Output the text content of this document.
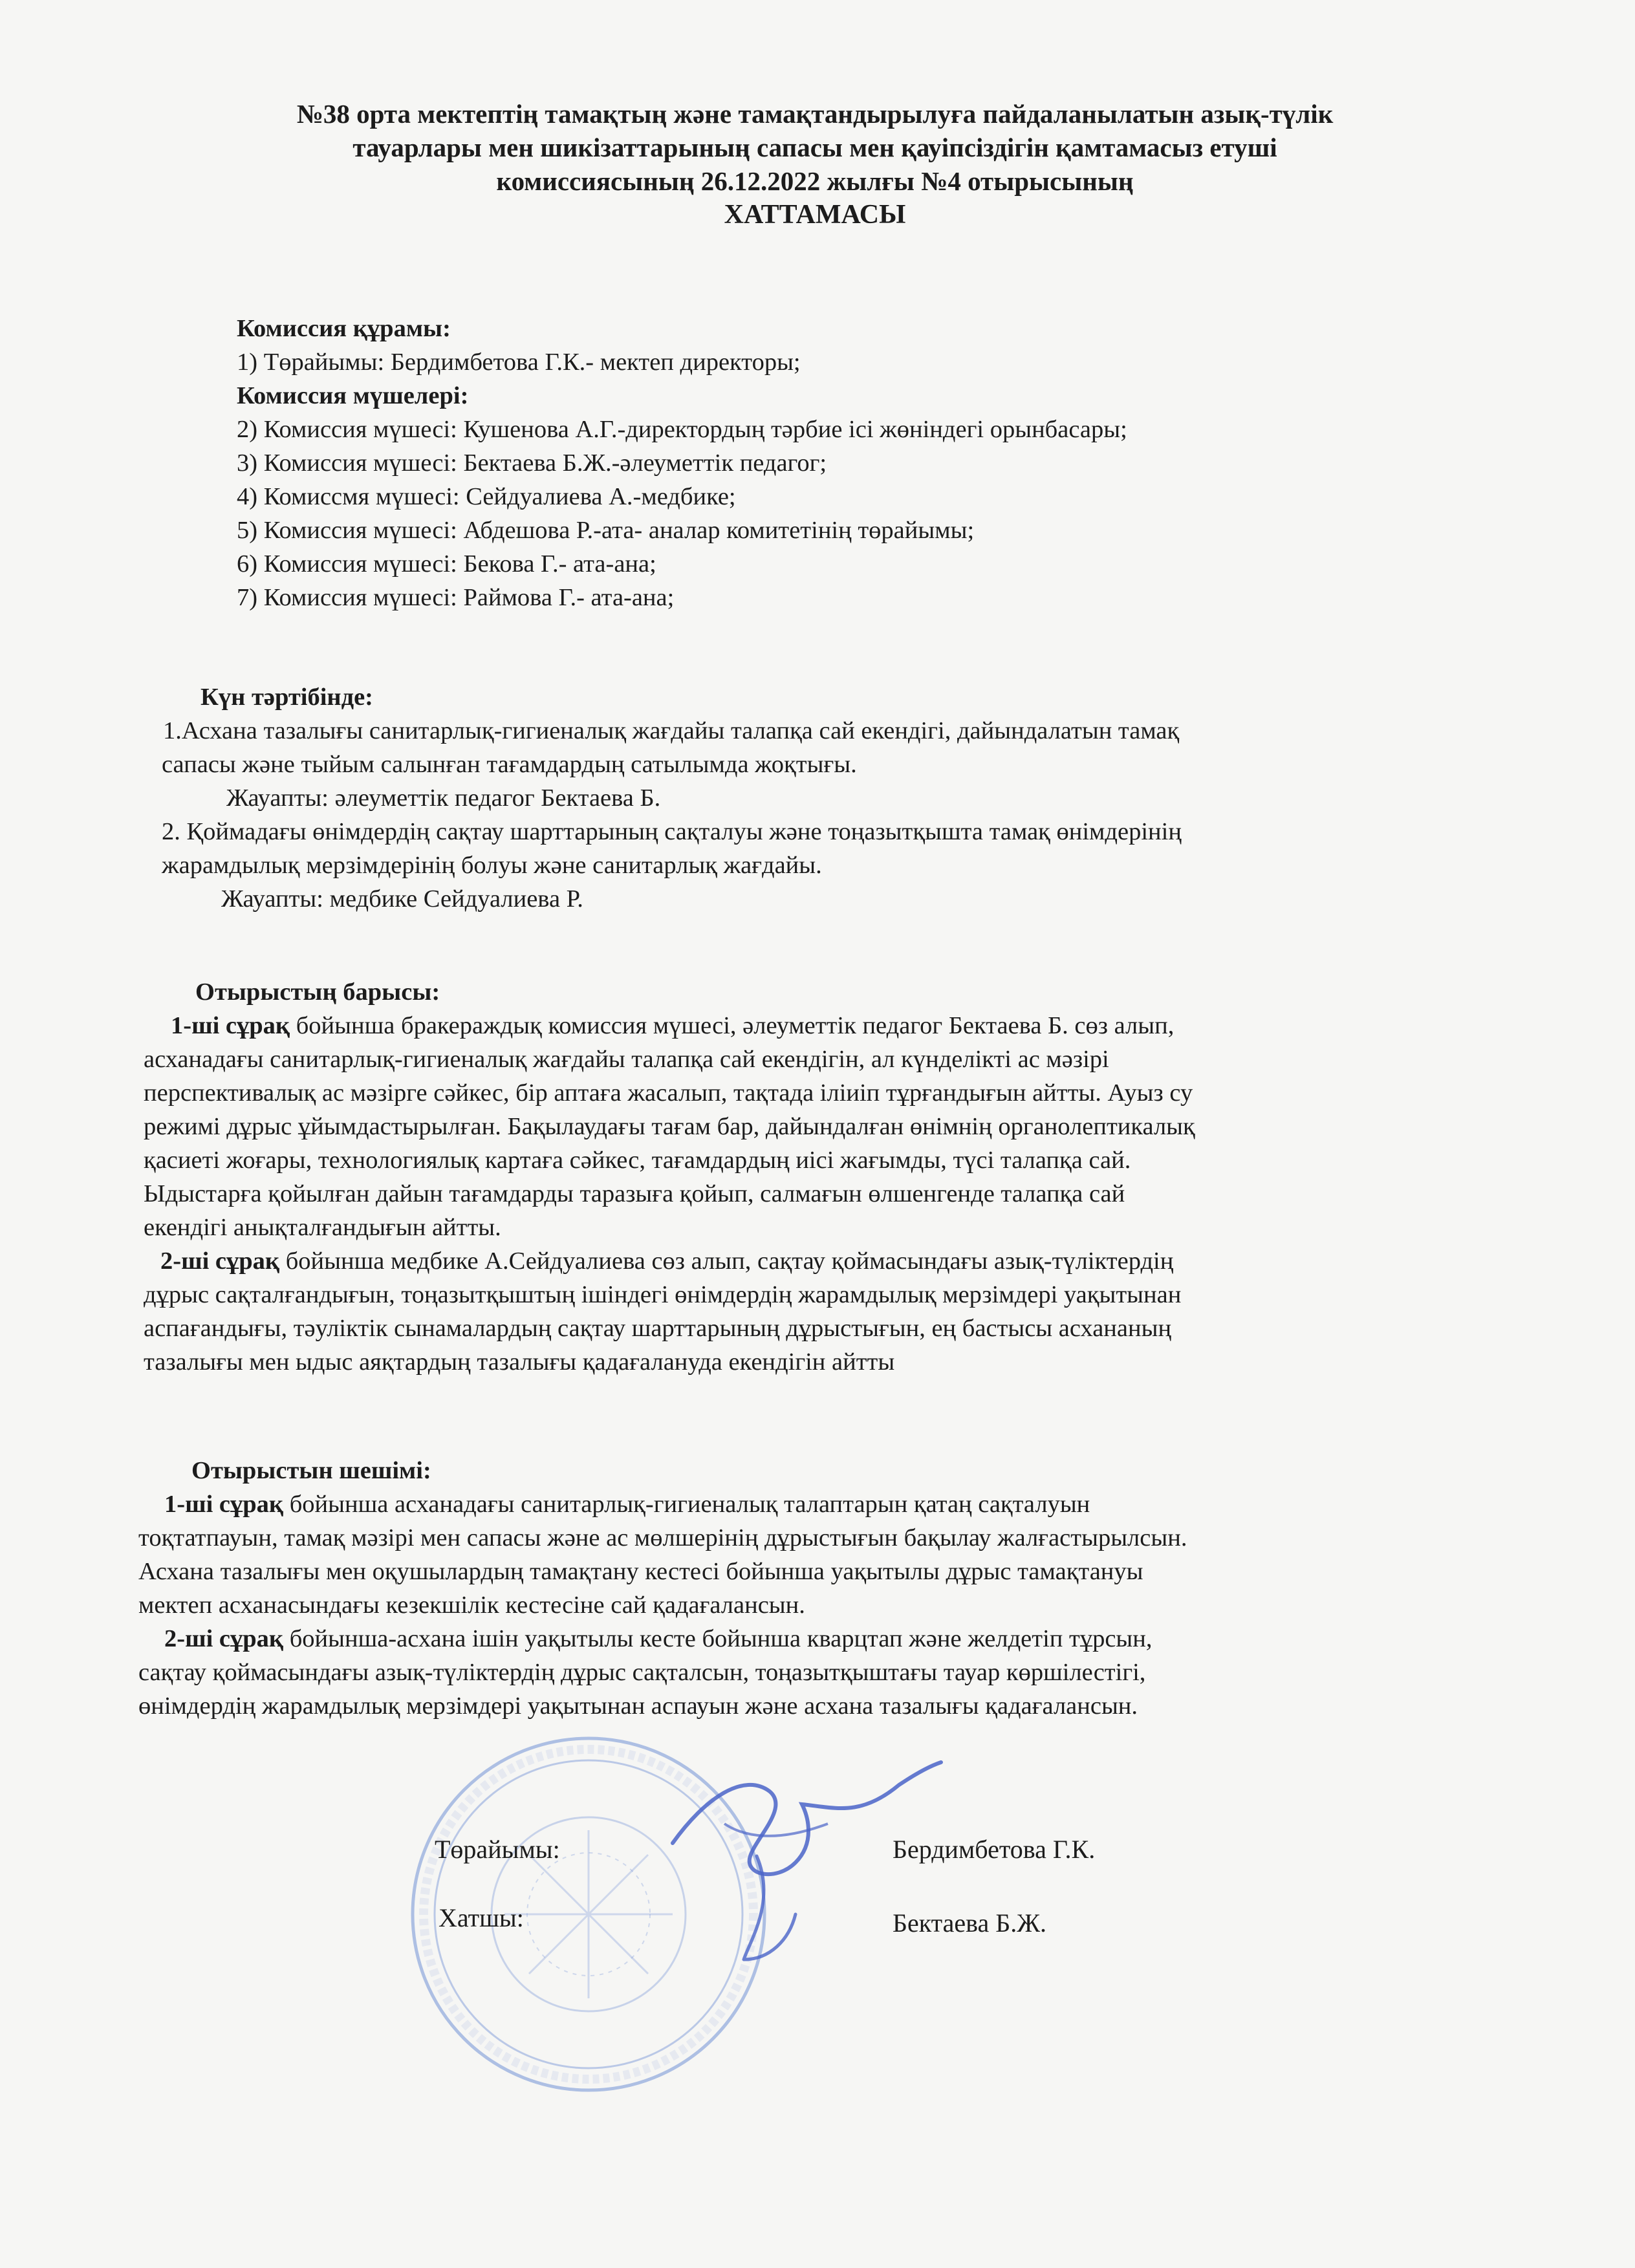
№38 орта мектептің тамақтың және тамақтандырылуға пайдаланылатын азық-түлік
тауарлары мен шикізаттарының сапасы мен қауіпсіздігін қамтамасыз етуші
комиссиясының 26.12.2022 жылғы №4 отырысының
ХАТТАМАСЫ
Комиссия құрамы:
1) Төрайымы: Бердимбетова Г.К.- мектеп директоры;
Комиссия мүшелері:
2) Комиссия мүшесі: Кушенова А.Г.-директордың тәрбие ісі жөніндегі орынбасары;
3) Комиссия мүшесі: Бектаева Б.Ж.-әлеуметтік педагог;
4) Комиссмя мүшесі: Сейдуалиева А.-медбике;
5) Комиссия мүшесі: Абдешова Р.-ата- аналар комитетінің төрайымы;
6) Комиссия мүшесі: Бекова Г.- ата-ана;
7) Комиссия мүшесі: Раймова Г.- ата-ана;
Күн тәртібінде:
1.Асхана тазалығы санитарлық-гигиеналық жағдайы талапқа сай екендігі, дайындалатын тамақ
сапасы және тыйым салынған тағамдардың сатылымда жоқтығы.
Жауапты: әлеуметтік педагог Бектаева Б.
2. Қоймадағы өнімдердің сақтау шарттарының сақталуы және тоңазытқышта тамақ өнімдерінің
жарамдылық мерзімдерінің болуы және санитарлық жағдайы.
Жауапты: медбике Сейдуалиева Р.
Отырыстың барысы:
1-ші сұрақ бойынша бракераждық комиссия мүшесі, әлеуметтік педагог Бектаева Б. сөз алып,
асханадағы санитарлық-гигиеналық жағдайы талапқа сай екендігін, ал күнделікті ас мәзірі
перспективалық ас мәзірге сәйкес, бір аптаға жасалып, тақтада іліиіп тұрғандығын айтты. Ауыз су
режимі дұрыс ұйымдастырылған. Бақылаудағы тағам бар, дайындалған өнімнің органолептикалық
қасиеті жоғары, технологиялық картаға сәйкес, тағамдардың иісі жағымды, түсі талапқа сай.
Ыдыстарға қойылған дайын тағамдарды таразыға қойып, салмағын өлшенгенде талапқа сай
екендігі анықталғандығын айтты.
2-ші сұрақ бойынша медбике А.Сейдуалиева сөз алып, сақтау қоймасындағы азық-түліктердің
дұрыс сақталғандығын, тоңазытқыштың ішіндегі өнімдердің жарамдылық мерзімдері уақытынан
аспағандығы, тәуліктік сынамалардың сақтау шарттарының дұрыстығын, ең бастысы асхананың
тазалығы мен ыдыс аяқтардың тазалығы қадағалануда екендігін айтты
Отырыстын шешімі:
1-ші сұрақ бойынша асханадағы санитарлық-гигиеналық талаптарын қатаң сақталуын
тоқтатпауын, тамақ мәзірі мен сапасы және ас мөлшерінің дұрыстығын бақылау жалғастырылсын.
Асхана тазалығы мен оқушылардың тамақтану кестесі бойынша уақытылы дұрыс тамақтануы
мектеп асханасындағы кезекшілік кестесіне сай қадағалансын.
2-ші сұрақ бойынша-асхана ішін уақытылы кесте бойынша кварцтап және желдетіп тұрсын,
сақтау қоймасындағы азық-түліктердің дұрыс сақталсын, тоңазытқыштағы тауар көршілестігі,
өнімдердің жарамдылық мерзімдері уақытынан аспауын және асхана тазалығы қадағалансын.
Төрайымы:	Бердимбетова Г.К.
Хатшы:	Бектаева Б.Ж.
